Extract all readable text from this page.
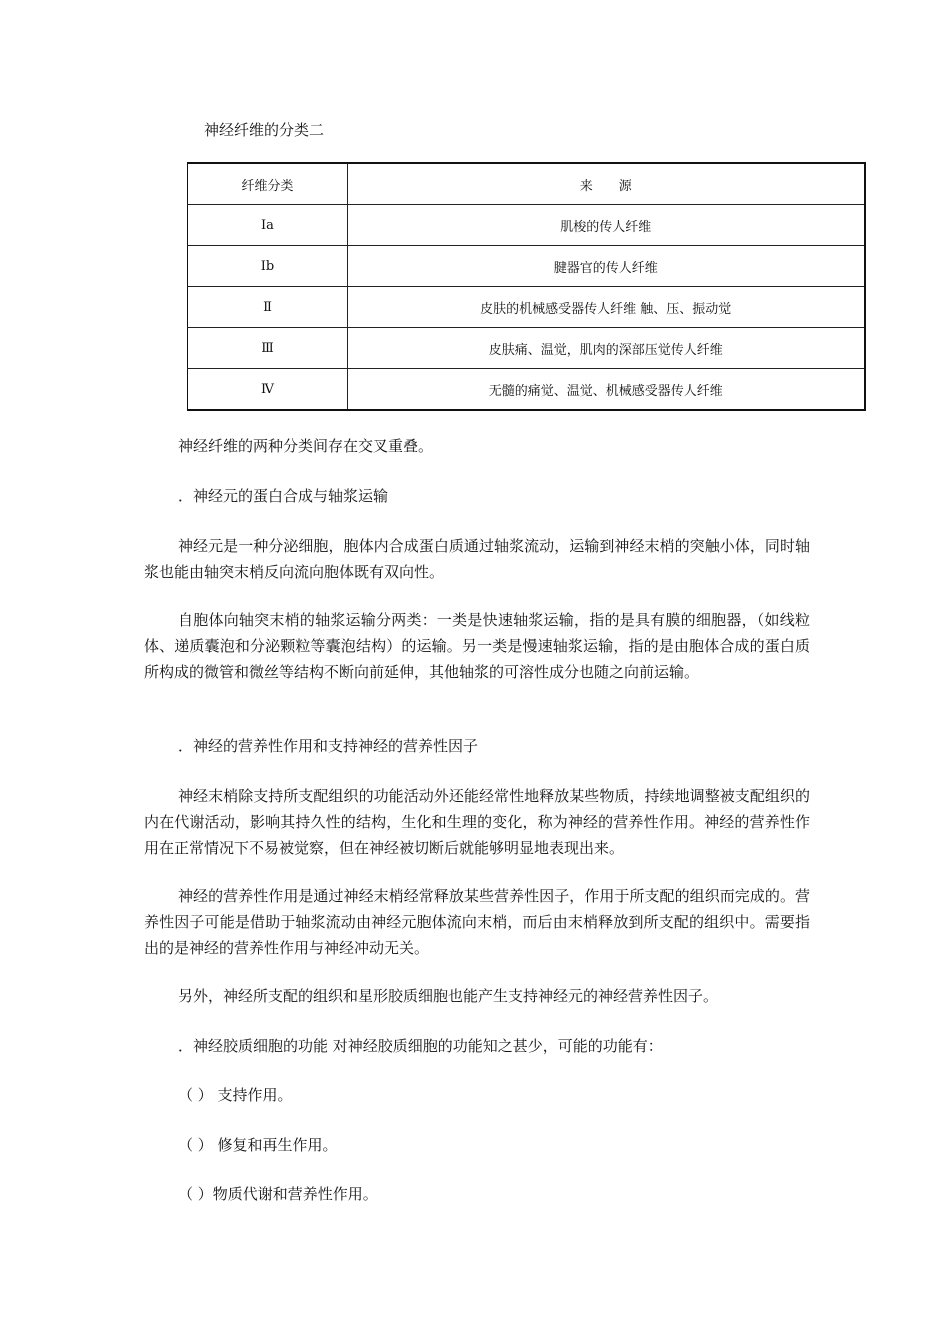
神经纤维的分类二
纤维分类	来　　源
Ⅰa	肌梭的传人纤维
Ⅰb	腱器官的传人纤维
Ⅱ	皮肤的机械感受器传人纤维 触、压、振动觉
Ⅲ	皮肤痛、温觉，肌肉的深部压觉传人纤维
Ⅳ	无髓的痛觉、温觉、机械感受器传人纤维
神经纤维的两种分类间存在交叉重叠。
．神经元的蛋白合成与轴浆运输
神经元是一种分泌细胞，胞体内合成蛋白质通过轴浆流动，运输到神经末梢的突触小体，同时轴浆也能由轴突末梢反向流向胞体既有双向性。
自胞体向轴突末梢的轴浆运输分两类：一类是快速轴浆运输，指的是具有膜的细胞器，（如线粒体、递质囊泡和分泌颗粒等囊泡结构）的运输。另一类是慢速轴浆运输，指的是由胞体合成的蛋白质所构成的微管和微丝等结构不断向前延伸，其他轴浆的可溶性成分也随之向前运输。
．神经的营养性作用和支持神经的营养性因子
神经末梢除支持所支配组织的功能活动外还能经常性地释放某些物质，持续地调整被支配组织的内在代谢活动，影响其持久性的结构，生化和生理的变化，称为神经的营养性作用。神经的营养性作用在正常情况下不易被觉察，但在神经被切断后就能够明显地表现出来。
神经的营养性作用是通过神经末梢经常释放某些营养性因子，作用于所支配的组织而完成的。营养性因子可能是借助于轴浆流动由神经元胞体流向末梢，而后由末梢释放到所支配的组织中。需要指出的是神经的营养性作用与神经冲动无关。
另外，神经所支配的组织和星形胶质细胞也能产生支持神经元的神经营养性因子。
．神经胶质细胞的功能 对神经胶质细胞的功能知之甚少，可能的功能有：
（ ） 支持作用。
（ ） 修复和再生作用。
（ ）物质代谢和营养性作用。
